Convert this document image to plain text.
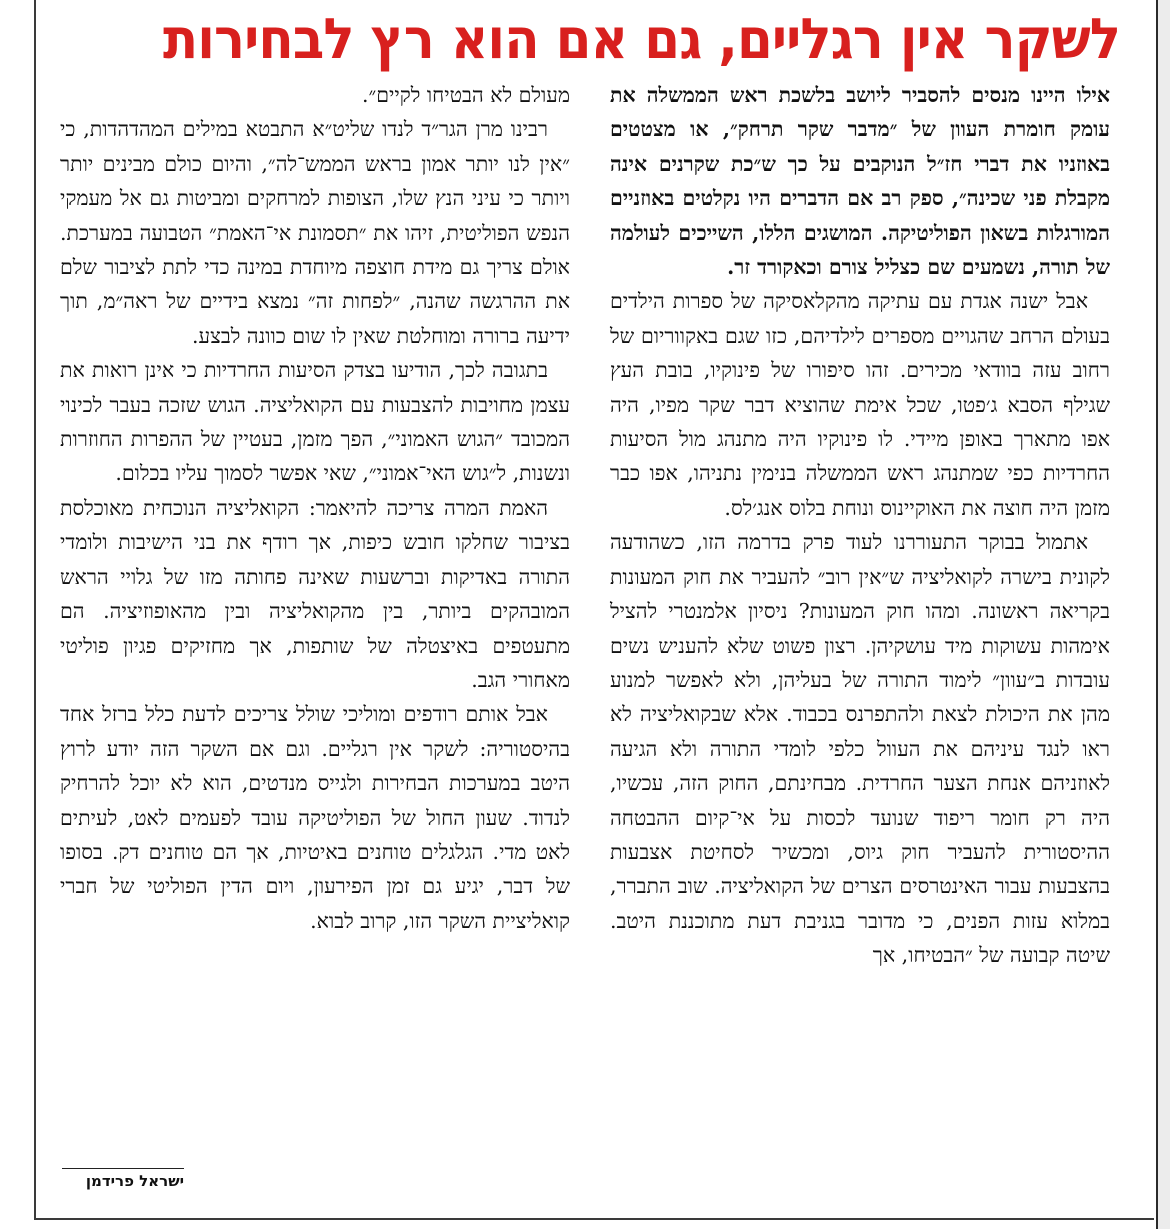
לשקר אין רגליים, גם אם הוא רץ לבחירות

אילו היינו מנסים להסביר ליושב בלשכת ראש הממשלה את עומק חומרת העוון של ״מדבר שקר תרחק״, או מצטטים באוזניו את דברי חז״ל הנוקבים על כך ש״כת שקרנים אינה מקבלת פני שכינה״, ספק רב אם הדברים היו נקלטים באוזניים המורגלות בשאון הפוליטיקה. המושגים הללו, השייכים לעולמה של תורה, נשמעים שם כצליל צורם וכאקורד זר.

אבל ישנה אגדת עם עתיקה מהקלאסיקה של ספרות הילדים בעולם הרחב שהגויים מספרים לילדיהם, כזו שגם באקווריום של רחוב עזה בוודאי מכירים. זהו סיפורו של פינוקיו, בובת העץ שגילף הסבא ג׳פטו, שכל אימת שהוציא דבר שקר מפיו, היה אפו מתארך באופן מיידי. לו פינוקיו היה מתנהג מול הסיעות החרדיות כפי שמתנהג ראש הממשלה בנימין נתניהו, אפו כבר מזמן היה חוצה את האוקיינוס ונוחת בלוס אנג׳לס.

אתמול בבוקר התעוררנו לעוד פרק בדרמה הזו, כשהודעה לקונית בישרה לקואליציה ש״אין רוב״ להעביר את חוק המעונות בקריאה ראשונה. ומהו חוק המעונות? ניסיון אלמנטרי להציל אימהות עשוקות מיד עושקיהן. רצון פשוט שלא להעניש נשים עובדות ב״עוון״ לימוד התורה של בעליהן, ולא לאפשר למנוע מהן את היכולת לצאת ולהתפרנס בכבוד. אלא שבקואליציה לא ראו לנגד עיניהם את העוול כלפי לומדי התורה ולא הגיעה לאוזניהם אנחת הצער החרדית. מבחינתם, החוק הזה, עכשיו, היה רק חומר ריפוד שנועד לכסות על אי־קיום ההבטחה ההיסטורית להעביר חוק גיוס, ומכשיר לסחיטת אצבעות בהצבעות עבור האינטרסים הצרים של הקואליציה. שוב התברר, במלוא עזות הפנים, כי מדובר בגניבת דעת מתוכננת היטב. שיטה קבועה של ״הבטיחו, אך

מעולם לא הבטיחו לקיים״.

רבינו מרן הגר״ד לנדו שליט״א התבטא במילים המהדהדות, כי ״אין לנו יותר אמון בראש הממש־לה״, והיום כולם מבינים יותר ויותר כי עיני הנץ שלו, הצופות למרחקים ומביטות גם אל מעמקי הנפש הפוליטית, זיהו את ״תסמונת אי־האמת״ הטבועה במערכת. אולם צריך גם מידת חוצפה מיוחדת במינה כדי לתת לציבור שלם את ההרגשה שהנה, ״לפחות זה״ נמצא בידיים של ראה״מ, תוך ידיעה ברורה ומוחלטת שאין לו שום כוונה לבצע.

בתגובה לכך, הודיעו בצדק הסיעות החרדיות כי אינן רואות את עצמן מחויבות להצבעות עם הקואליציה. הגוש שזכה בעבר לכינוי המכובד ״הגוש האמוני״, הפך מזמן, בעטיין של ההפרות החוזרות ונשנות, ל״גוש האי־אמוני״, שאי אפשר לסמוך עליו בכלום.

האמת המרה צריכה להיאמר: הקואליציה הנוכחית מאוכלסת בציבור שחלקו חובש כיפות, אך רודף את בני הישיבות ולומדי התורה באדיקות וברשעות שאינה פחותה מזו של גלויי הראש המובהקים ביותר, בין מהקואליציה ובין מהאופוזיציה. הם מתעטפים באיצטלה של שותפות, אך מחזיקים פגיון פוליטי מאחורי הגב.

אבל אותם רודפים ומוליכי שולל צריכים לדעת כלל ברזל אחד בהיסטוריה: לשקר אין רגליים. וגם אם השקר הזה יודע לרוץ היטב במערכות הבחירות ולגייס מנדטים, הוא לא יוכל להרחיק לנדוד. שעון החול של הפוליטיקה עובד לפעמים לאט, לעיתים לאט מדי. הגלגלים טוחנים באיטיות, אך הם טוחנים דק. בסופו של דבר, יגיע גם זמן הפירעון, ויום הדין הפוליטי של חברי קואליציית השקר הזו, קרוב לבוא.

ישראל פרידמן
